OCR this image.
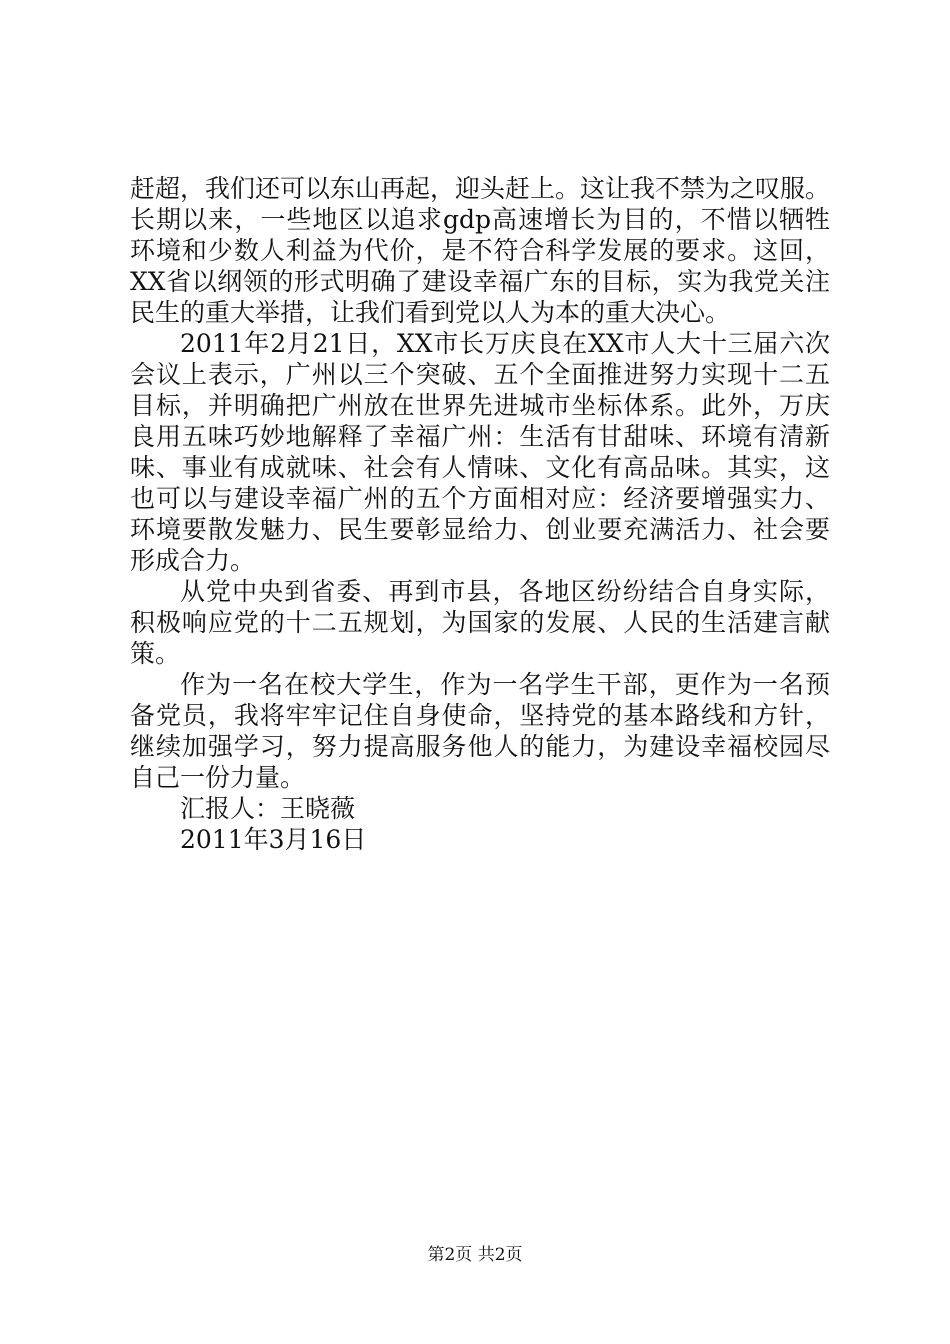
赶超，我们还可以东山再起，迎头赶上。这让我不禁为之叹服。
长期以来，一些地区以追求gdp高速增长为目的，不惜以牺牲
环境和少数人利益为代价，是不符合科学发展的要求。这回，
XX省以纲领的形式明确了建设幸福广东的目标，实为我党关注
民生的重大举措，让我们看到党以人为本的重大决心。
2011年2月21日，XX市长万庆良在XX市人大十三届六次
会议上表示，广州以三个突破、五个全面推进努力实现十二五
目标，并明确把广州放在世界先进城市坐标体系。此外，万庆
良用五味巧妙地解释了幸福广州：生活有甘甜味、环境有清新
味、事业有成就味、社会有人情味、文化有高品味。其实，这
也可以与建设幸福广州的五个方面相对应：经济要增强实力、
环境要散发魅力、民生要彰显给力、创业要充满活力、社会要
形成合力。
从党中央到省委、再到市县，各地区纷纷结合自身实际，
积极响应党的十二五规划，为国家的发展、人民的生活建言献
策。
作为一名在校大学生，作为一名学生干部，更作为一名预
备党员，我将牢牢记住自身使命，坚持党的基本路线和方针，
继续加强学习，努力提高服务他人的能力，为建设幸福校园尽
自己一份力量。
汇报人：王晓薇
2011年3月16日
第2页 共2页
